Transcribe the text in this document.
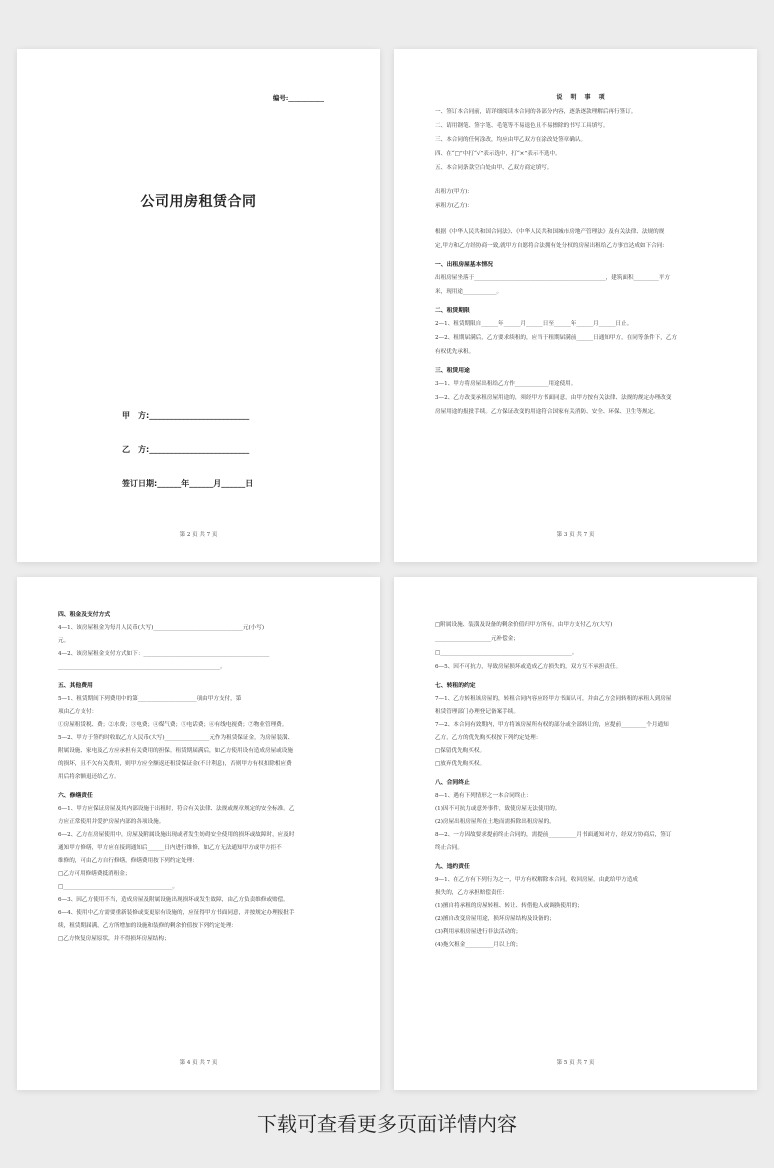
编号:___________
公司用房租赁合同
甲　方:_________________________
乙　方:_________________________
签订日期:______年______月______日
第 2 页 共 7 页
说 明 事 项
一、签订本合同前，请详细阅读本合同的各部分内容，逐条逐款理解后再行签订。
二、请用钢笔、签字笔、毛笔等不易退色且不易擦除的书写工具填写。
三、本合同的任何涂改，均应由甲乙双方在涂改处签章确认。
四、在“□”中打“√”表示选中，打“×”表示不选中。
五、本合同条款空白处由甲、乙双方商定填写。
出租方(甲方)：
承租方(乙方)：
根据《中华人民共和国合同法》、《中华人民共和国城市房地产管理法》及有关法律、法规的规
定,甲方和乙方经协商一致,就甲方自愿将合法拥有处分权的房屋出租给乙方事宜达成如下合同:
一、出租房屋基本情况
出租房屋坐落于_______________________________________________，建筑面积_________平方
米，现用途____________。
二、租赁期限
2—1、租赁期限自______年______月______日至______年______月______日止。
2—2、租期届满后，乙方要求续租的，应当于租期届满前______日通知甲方，在同等条件下，乙方
有权优先承租。
三、租赁用途
3—1、甲方将房屋出租给乙方作____________用途使用。
3—2、乙方改变承租房屋用途的，须经甲方书面同意，由甲方按有关法律、法规的规定办理改变
房屋用途的报批手续。乙方保证改变的用途符合国家有关消防、安全、环保、卫生等规定。
第 3 页 共 7 页
四、租金及支付方式
4—1、该房屋租金为每月人民币(大写)________________________________元(小写)
元。
4—2、该房屋租金支付方式如下：_____________________________________________
__________________________________________________________。
五、其他费用
5—1、租赁期间下列费用中的第_____________________项由甲方支付，第
项由乙方支付：
①房屋租赁税、费；②水费；③电费；④煤气费；⑤电话费；⑥有线电视费；⑦物业管理费。
5—2、甲方于签约时收取乙方人民币(大写)________________元作为租赁保证金，为房屋装潢、
附属设施、家电及乙方应承担有关费用的担保。租赁期届满后，如乙方使用设有造成房屋或设施
的损坏，且不欠有关费用，则甲方应全额返还租赁保证金(不计利息)，否则甲方有权扣除相应费
用后将余额退还给乙方。
六、修缮责任
6—1、甲方应保证房屋及其内部设施于出租时，符合有关法律、法规或规章规定的安全标准。乙
方应正常使用并爱护房屋内部的各项设施。
6—2、乙方在房屋使用中，房屋及附属设施出现或者发生妨碍安全使用的损坏或故障时，应及时
通知甲方修缮，甲方应在接到通知后______日内进行维修，如乙方无法通知甲方或甲方拒不
维修的，可由乙方自行修缮，修缮费用按下列约定处理：
□乙方可用修缮费抵消租金；
□_______________________________________。
6—3、因乙方使用不当，造成房屋及附属设施出现损坏或发生故障，由乙方负责维修或赔偿。
6—4、使用中乙方需要重新装修或变更原有设施的，应征得甲方书面同意，并按规定办理报批手
续，租赁期届满，乙方所增加的设施和装修的剩余价值按下列约定处理：
□乙方恢复房屋原状，并不得损坏房屋结构；
第 4 页 共 7 页
□附属设施、装潢及设备的剩余价值归甲方所有，由甲方支付乙方(大写)
____________________元补偿金；
□_______________________________________________。
6—5、因不可抗力，导致房屋损坏或造成乙方损失的，双方互不承担责任。
七、转租的约定
7—1、乙方转租该房屋的，转租合同内容应经甲方书面认可，并由乙方会同转租的承租人到房屋
租赁管理部门办理登记备案手续。
7—2、本合同有效期内，甲方将该房屋所有权的部分或全部转让的，应提前_________个月通知
乙方，乙方的优先购买权按下列约定处理：
□保留优先购买权。
□放弃优先购买权。
八、合同终止
8—1、遇有下列情形之一本合同终止：
(1)因不可抗力或意外事件，致使房屋无法使用的。
(2)房屋出租房屋所在土地而需拆除出租房屋的。
8—2、一方因故要求提前终止合同的，需提前__________月书面通知对方，经双方协商后，签订
终止合同。
九、违约责任
9—1、在乙方有下列行为之一，甲方有权解除本合同，收回房屋，由此给甲方造成
损失的，乙方承担赔偿责任：
(1)擅自将承租的房屋转租、转让、转借他人或调换使用的；
(2)擅自改变房屋用途，损坏房屋结构及设备的；
(3)利用承租房屋进行非法活动的；
(4)拖欠租金__________月以上的；
第 5 页 共 7 页
下载可查看更多页面详情内容
